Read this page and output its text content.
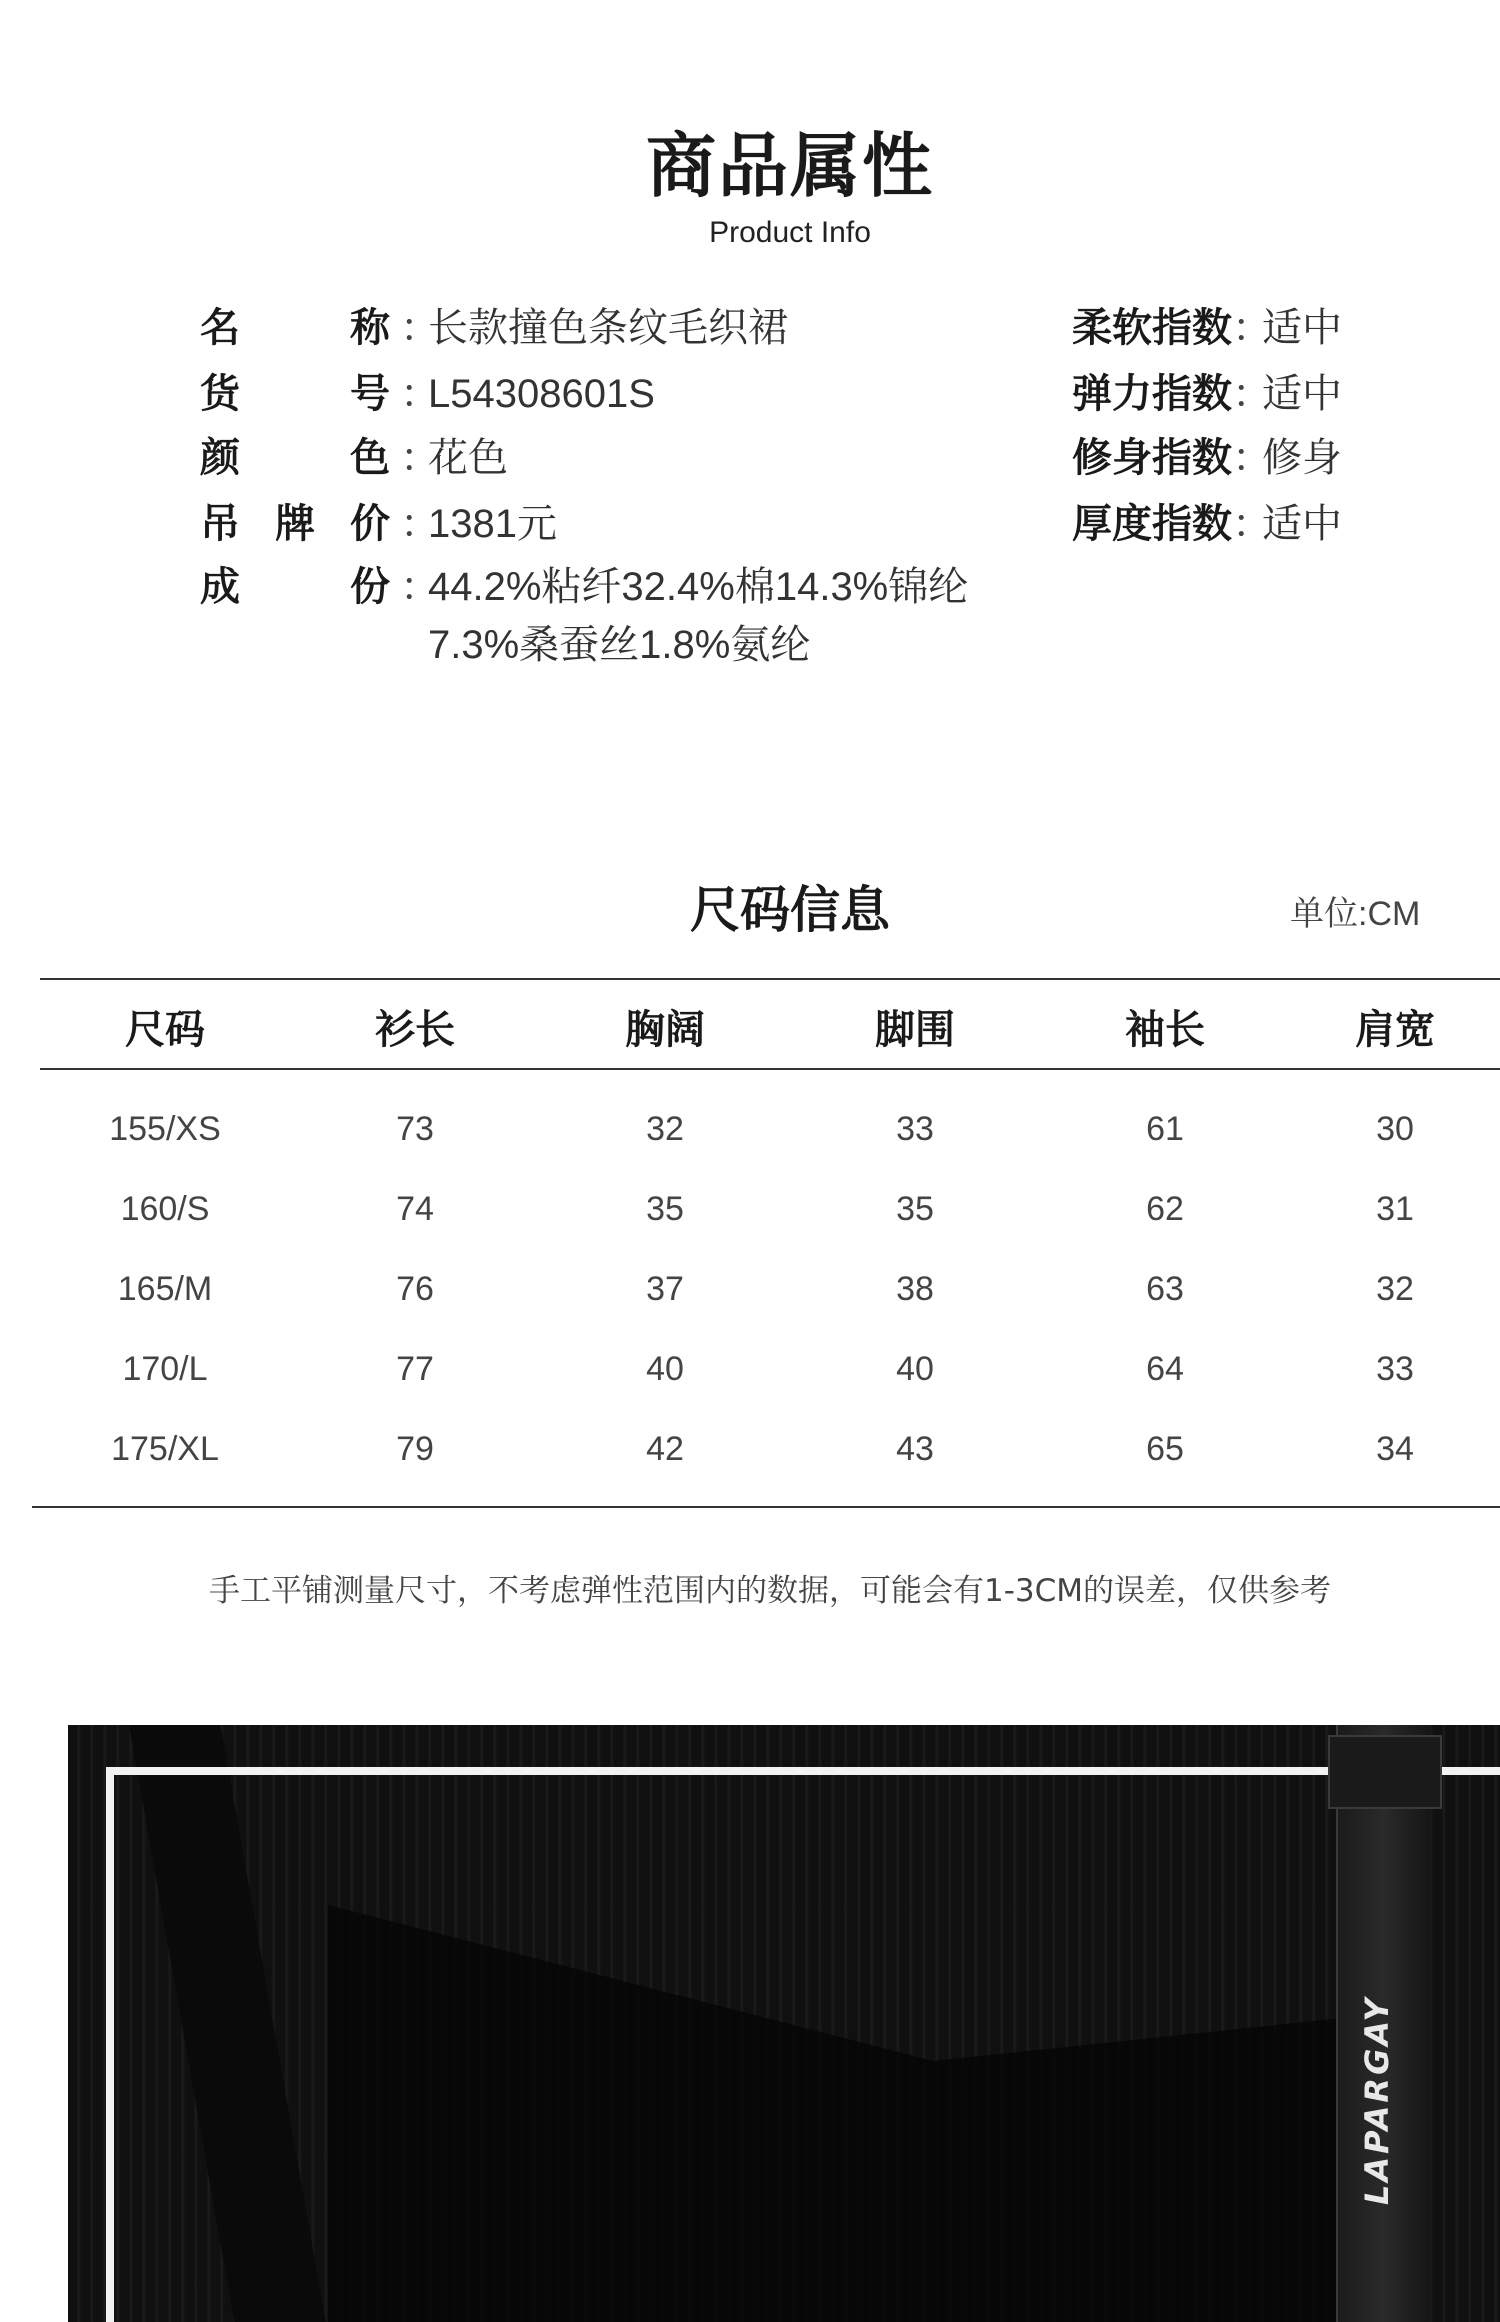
商品属性
Product Info
名	称 ：
长款撞色条纹毛织裙
货	号 ：
L54308601S
颜	色 ：
花色
吊 牌 价 ：
1381元
成	份 ：
44.2%粘纤32.4%棉14.3%锦纶
7.3%桑蚕丝1.8%氨纶
柔软指数 ：
适中
弹力指数 ：
适中
修身指数 ：
修身
厚度指数 ：
适中
尺码信息	单位:CM
尺码	衫长	胸阔	脚围	袖长	肩宽
155/XS	73	32	33	61	30
160/S	74	35	35	62	31
165/M	76	37	38	63	32
170/L	77	40	40	64	33
175/XL	79	42	43	65	34
手工平铺测量尺寸，不考虑弹性范围内的数据，可能会有1-3CM的误差，仅供参考
LAPARGAY
